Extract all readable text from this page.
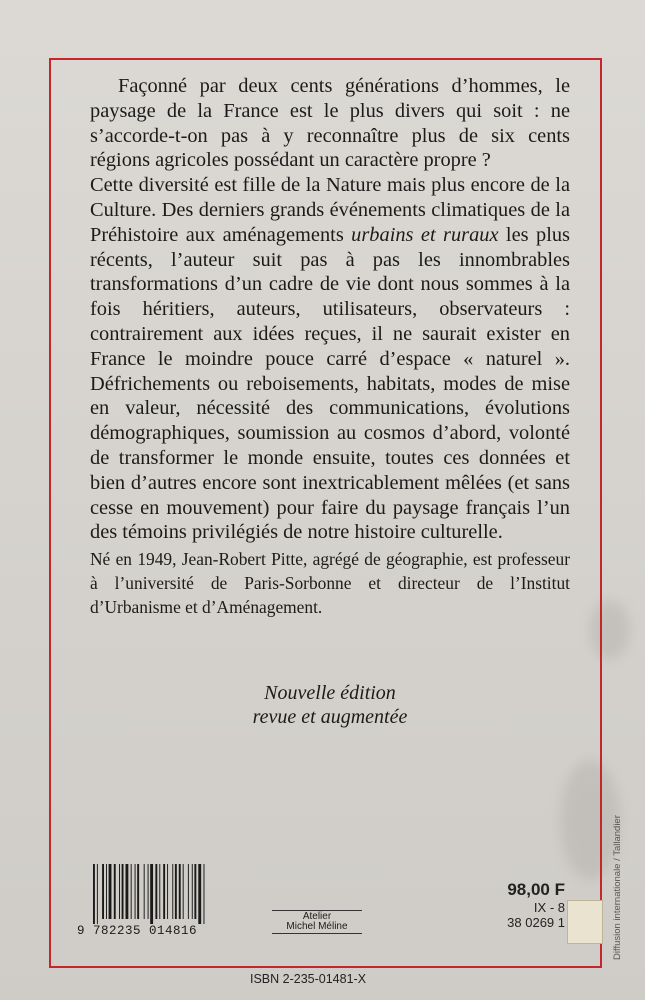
Façonné par deux cents générations d’hommes, le paysage de la France est le plus divers qui soit : ne s’accorde-t-on pas à y reconnaître plus de six cents régions agricoles possédant un caractère propre ?

Cette diversité est fille de la Nature mais plus encore de la Culture. Des derniers grands événements climatiques de la Préhistoire aux aménagements urbains et ruraux les plus récents, l’auteur suit pas à pas les innombrables transformations d’un cadre de vie dont nous sommes à la fois héritiers, auteurs, utilisateurs, observateurs : contrairement aux idées reçues, il ne saurait exister en France le moindre pouce carré d’espace « naturel ». Défrichements ou reboisements, habitats, modes de mise en valeur, nécessité des communications, évolutions démographiques, soumission au cosmos d’abord, volonté de transformer le monde ensuite, toutes ces données et bien d’autres encore sont inextricablement mêlées (et sans cesse en mouvement) pour faire du paysage français l’un des témoins privilégiés de notre histoire culturelle.

Né en 1949, Jean-Robert Pitte, agrégé de géographie, est professeur à l’université de Paris-Sorbonne et directeur de l’Institut d’Urbanisme et d’Aménagement.

Nouvelle édition
revue et augmentée
9 782235 014816
Atelier
Michel Méline
98,00 F
IX - 8
38 0269 1	Diffusion internationale / Tallandier
ISBN 2-235-01481-X
